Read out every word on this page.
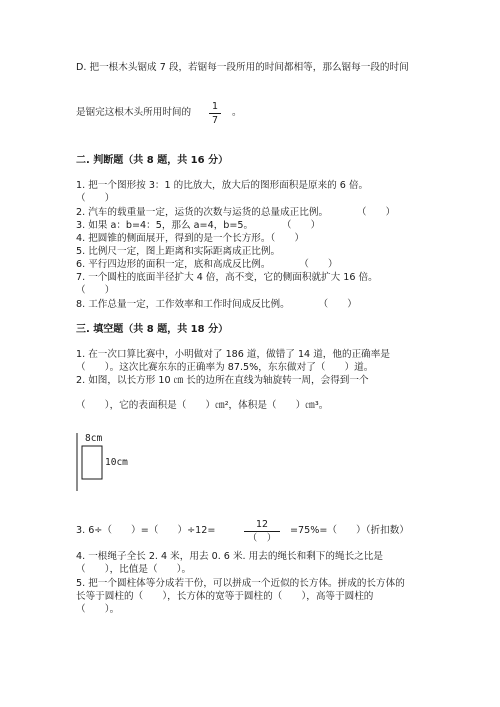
D. 把一根木头锯成 7 段，若锯每一段所用的时间都相等，那么锯每一段的时间
是锯完这根木头所用时间的
1
7
。
二. 判断题（共 8 题，共 16 分）
1. 把一个图形按 3：1 的比放大，放大后的图形面积是原来的 6 倍。
（　　）
2. 汽车的载重量一定，运货的次数与运货的总量成正比例。　　　　（　　）
3. 如果 a：b=4：5，那么 a=4，b=5。　　　　（　　）
4. 把圆锥的侧面展开，得到的是一个长方形。（　　）
5. 比例尺一定，图上距离和实际距离成正比例。
6. 平行四边形的面积一定，底和高成反比例。　　　　（　　）
7. 一个圆柱的底面半径扩大 4 倍，高不变，它的侧面积就扩大 16 倍。
（　　）
8. 工作总量一定，工作效率和工作时间成反比例。　　　　（　　）
三. 填空题（共 8 题，共 18 分）
1. 在一次口算比赛中，小明做对了 186 道，做错了 14 道，他的正确率是
（　　）。这次比赛东东的正确率为 87.5%，东东做对了（　　）道。
2. 如图，以长方形 10 ㎝ 长的边所在直线为轴旋转一周，会得到一个
（　　），它的表面积是（　　）㎝²，体积是（　　）㎝³。
8cm
10cm
3. 6÷（　　）=（　　）÷12=
12
（　）
=75%=（　　）（折扣数）
4. 一根绳子全长 2. 4 米，用去 0. 6 米. 用去的绳长和剩下的绳长之比是
（　　），比值是（　　）。
5. 把一个圆柱体等分成若干份，可以拼成一个近似的长方体。拼成的长方体的
长等于圆柱的（　　），长方体的宽等于圆柱的（　　），高等于圆柱的
（　　）。
